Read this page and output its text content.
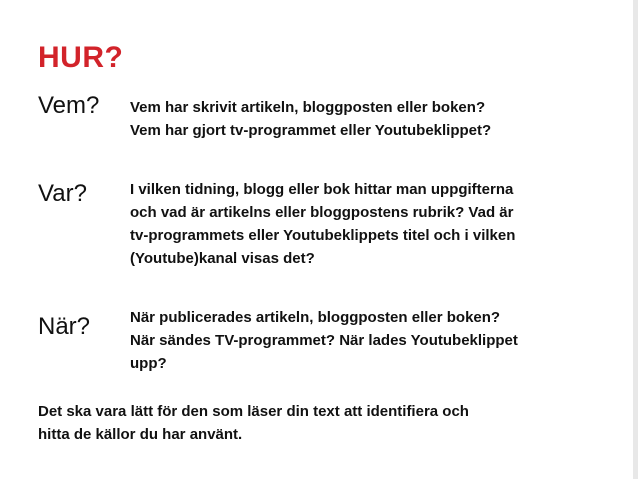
HUR?
Vem? Vem har skrivit artikeln, bloggposten eller boken?
Vem har gjort tv-programmet eller Youtubeklippet?
Var?	I vilken tidning, blogg eller bok hittar man uppgifterna
och vad är artikelns eller bloggpostens rubrik? Vad är
tv-programmets eller Youtubeklippets titel och i vilken
(Youtube)kanal visas det?
När?	När publicerades artikeln, bloggposten eller boken?
När sändes TV-programmet? När lades Youtubeklippet
upp?
Det ska vara lätt för den som läser din text att identifiera och
hitta de källor du har använt.
